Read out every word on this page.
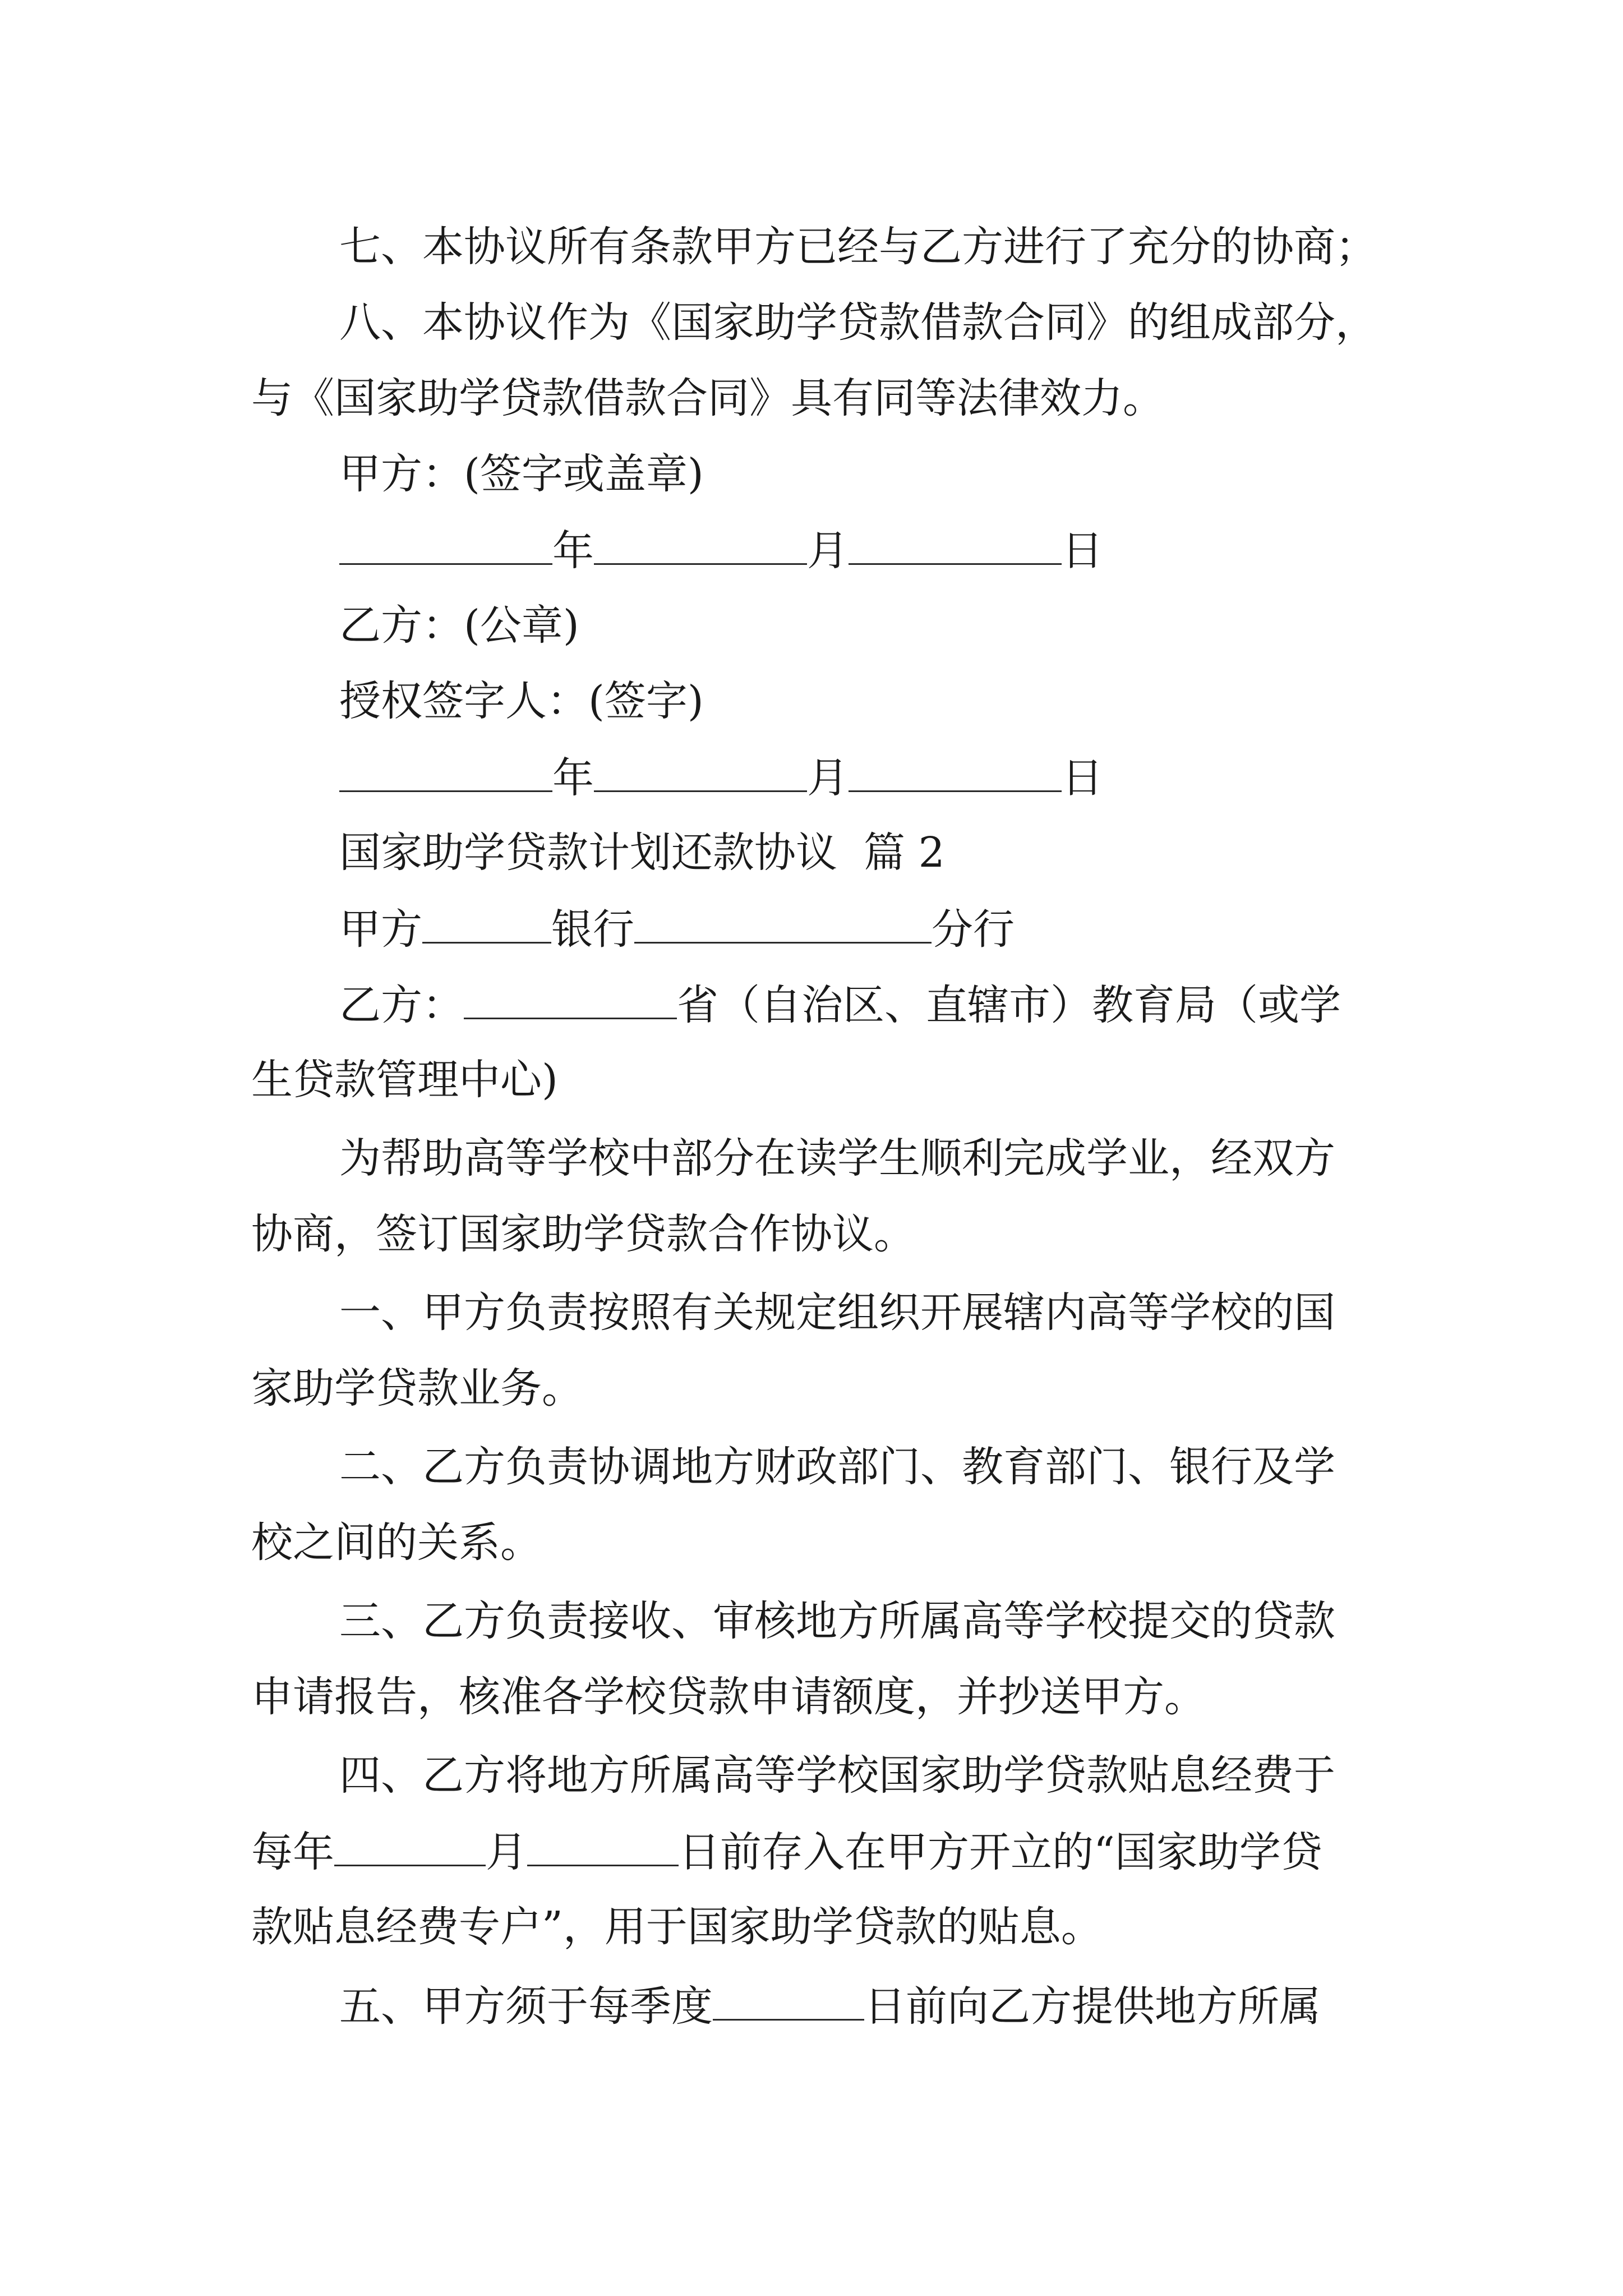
七、本协议所有条款甲方已经与乙方进行了充分的协商；
八、本协议作为《国家助学贷款借款合同》的组成部分，
与《国家助学贷款借款合同》具有同等法律效力。
甲方：(签字或盖章)
年	月	日
乙方：(公章)
授权签字人：(签字)
年	月	日
国家助学贷款计划还款协议  篇 2
甲方	银行	分行
乙方：	省（自治区、直辖市）教育局（或学
生贷款管理中心)
为帮助高等学校中部分在读学生顺利完成学业，经双方
协商，签订国家助学贷款合作协议。
一、甲方负责按照有关规定组织开展辖内高等学校的国
家助学贷款业务。
二、乙方负责协调地方财政部门、教育部门、银行及学
校之间的关系。
三、乙方负责接收、审核地方所属高等学校提交的贷款
申请报告，核准各学校贷款申请额度，并抄送甲方。
四、乙方将地方所属高等学校国家助学贷款贴息经费于
每年	月	日前存入在甲方开立的“国家助学贷
款贴息经费专户”，用于国家助学贷款的贴息。
五、甲方须于每季度	日前向乙方提供地方所属
